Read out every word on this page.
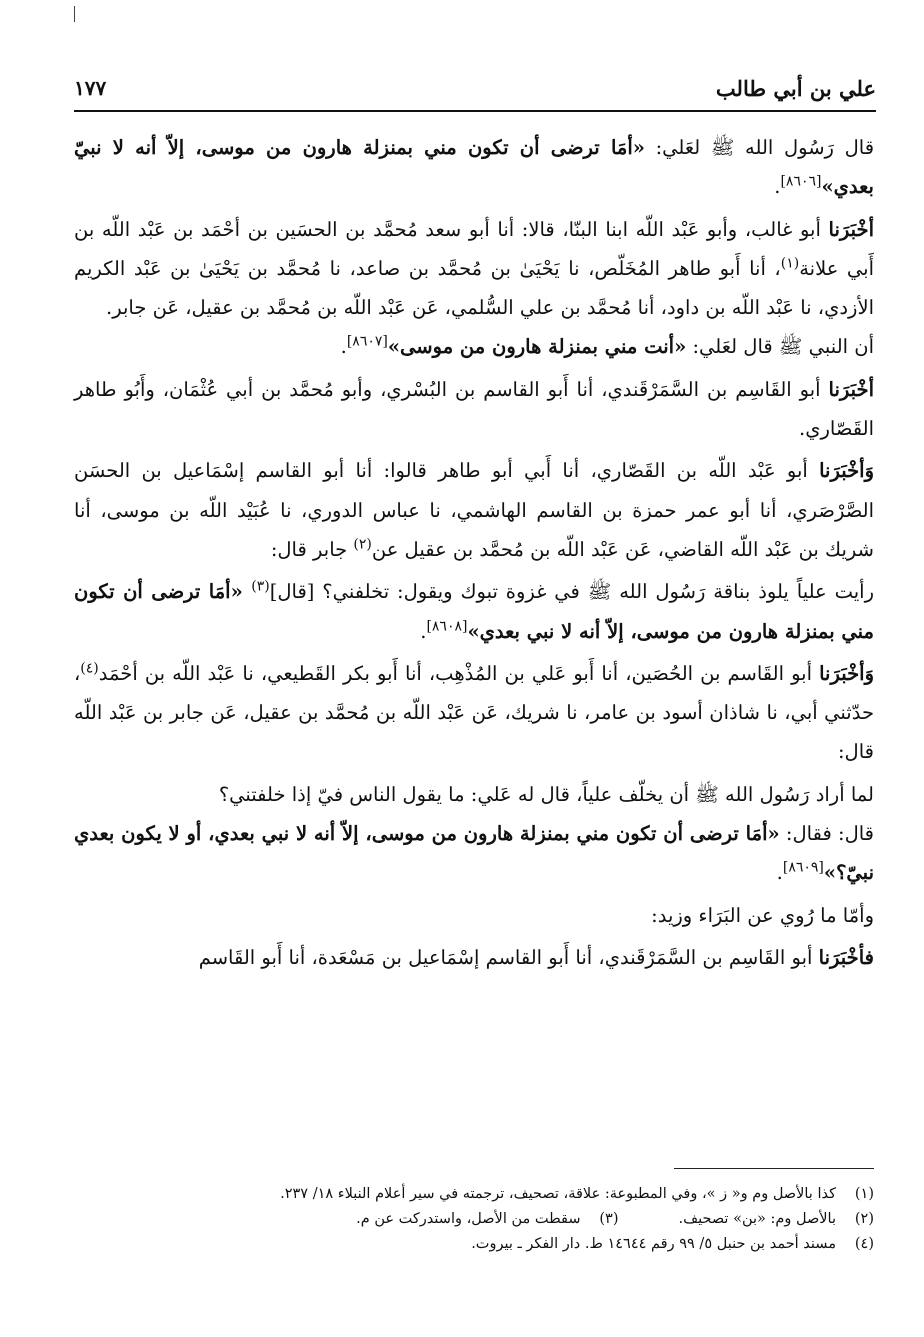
علي بن أبي طالب
١٧٧

قال رَسُول الله ﷺ لعَلي: «أمَا ترضى أن تكون مني بمنزلة هارون من موسى، إلاّ أنه لا نبيّ بعدي»[٨٦٠٦].

أخْبَرَنا أبو غالب، وأبو عَبْد اللّه ابنا البنّا، قالا: أنا أبو سعد مُحمَّد بن الحسَين بن أحْمَد بن عَبْد اللّه بن أَبي علانة$^{(١)}$، أنا أَبو طاهر المُخَلّص، نا يَحْيَىٰ بن مُحمَّد بن صاعد، نا مُحمَّد بن يَحْيَىٰ بن عَبْد الكريم الأزدي، نا عَبْد اللّه بن داود، أنا مُحمَّد بن علي السُّلمي، عَن عَبْد اللّه بن مُحمَّد بن عقيل، عَن جابر.

أن النبي ﷺ قال لعَلي: «أنت مني بمنزلة هارون من موسى»[٨٦٠٧].

أخْبَرَنا أبو القَاسِم بن السَّمَرْقَندي، أنا أَبو القاسم بن البُسْري، وأبو مُحمَّد بن أبي عُثْمَان، وأَبُو طاهر القَصّاري.

وَأخْبَرَنا أبو عَبْد اللّه بن القَصّاري، أنا أَبي أبو طاهر قالوا: أنا أبو القاسم إسْمَاعيل بن الحسَن الصَّرْصَري، أنا أبو عمر حمزة بن القاسم الهاشمي، نا عباس الدوري، نا عُبَيْد اللّه بن موسى، أنا شريك بن عَبْد اللّه القاضي، عَن عَبْد اللّه بن مُحمَّد بن عقيل عن$^{(٢)}$ جابر قال:

رأيت علياً يلوذ بناقة رَسُول الله ﷺ في غزوة تبوك ويقول: تخلفني؟ [قال]$^{(٣)}$ «أمَا ترضى أن تكون مني بمنزلة هارون من موسى، إلاّ أنه لا نبي بعدي»[٨٦٠٨].

وَأخْبَرَنا أبو القَاسم بن الحُصَين، أنا أَبو عَلي بن المُذْهِب، أنا أَبو بكر القَطيعي، نا عَبْد اللّه بن أحْمَد$^{(٤)}$، حدّثني أبي، نا شاذان أسود بن عامر، نا شريك، عَن عَبْد اللّه بن مُحمَّد بن عقيل، عَن جابر بن عَبْد اللّه قال:

لما أراد رَسُول الله ﷺ أن يخلّف علياً، قال له عَلي: ما يقول الناس فيّ إذا خلفتني؟

قال: فقال: «أمَا ترضى أن تكون مني بمنزلة هارون من موسى، إلاّ أنه لا نبي بعدي، أو لا يكون بعدي نبيّ؟»[٨٦٠٩].

وأمّا ما رُوي عن البَرَاء وزيد:

فأخْبَرَنا أبو القَاسِم بن السَّمَرْقَندي، أنا أَبو القاسم إسْمَاعيل بن مَسْعَدة، أنا أَبو القَاسم

(١)
كذا بالأصل وم و« ز »، وفي المطبوعة: علاقة، تصحيف، ترجمته في سير أعلام النبلاء ١٨/ ٢٣٧.
(٢)
بالأصل وم: «بن» تصحيف.
(٣)
سقطت من الأصل، واستدركت عن م.
(٤)
مسند أحمد بن حنبل ٥/ ٩٩ رقم ١٤٦٤٤ ط. دار الفكر ـ بيروت.
